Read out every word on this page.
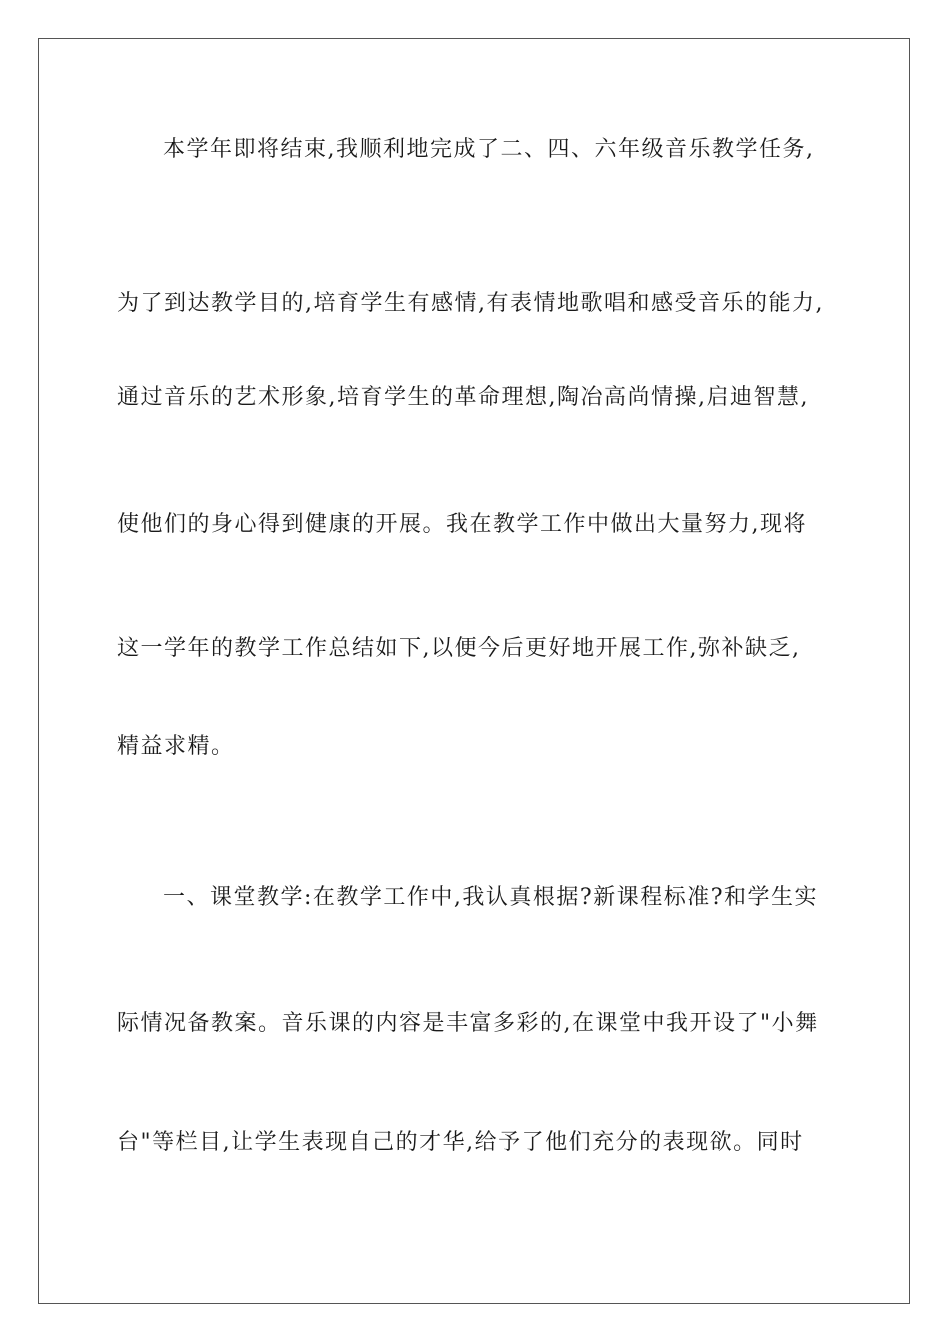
本学年即将结束,我顺利地完成了二、四、六年级音乐教学任务,
为了到达教学目的,培育学生有感情,有表情地歌唱和感受音乐的能力,
通过音乐的艺术形象,培育学生的革命理想,陶冶高尚情操,启迪智慧,
使他们的身心得到健康的开展。我在教学工作中做出大量努力,现将
这一学年的教学工作总结如下,以便今后更好地开展工作,弥补缺乏,
精益求精。
一、课堂教学:在教学工作中,我认真根据?新课程标准?和学生实
际情况备教案。音乐课的内容是丰富多彩的,在课堂中我开设了"小舞
台"等栏目,让学生表现自己的才华,给予了他们充分的表现欲。同时
